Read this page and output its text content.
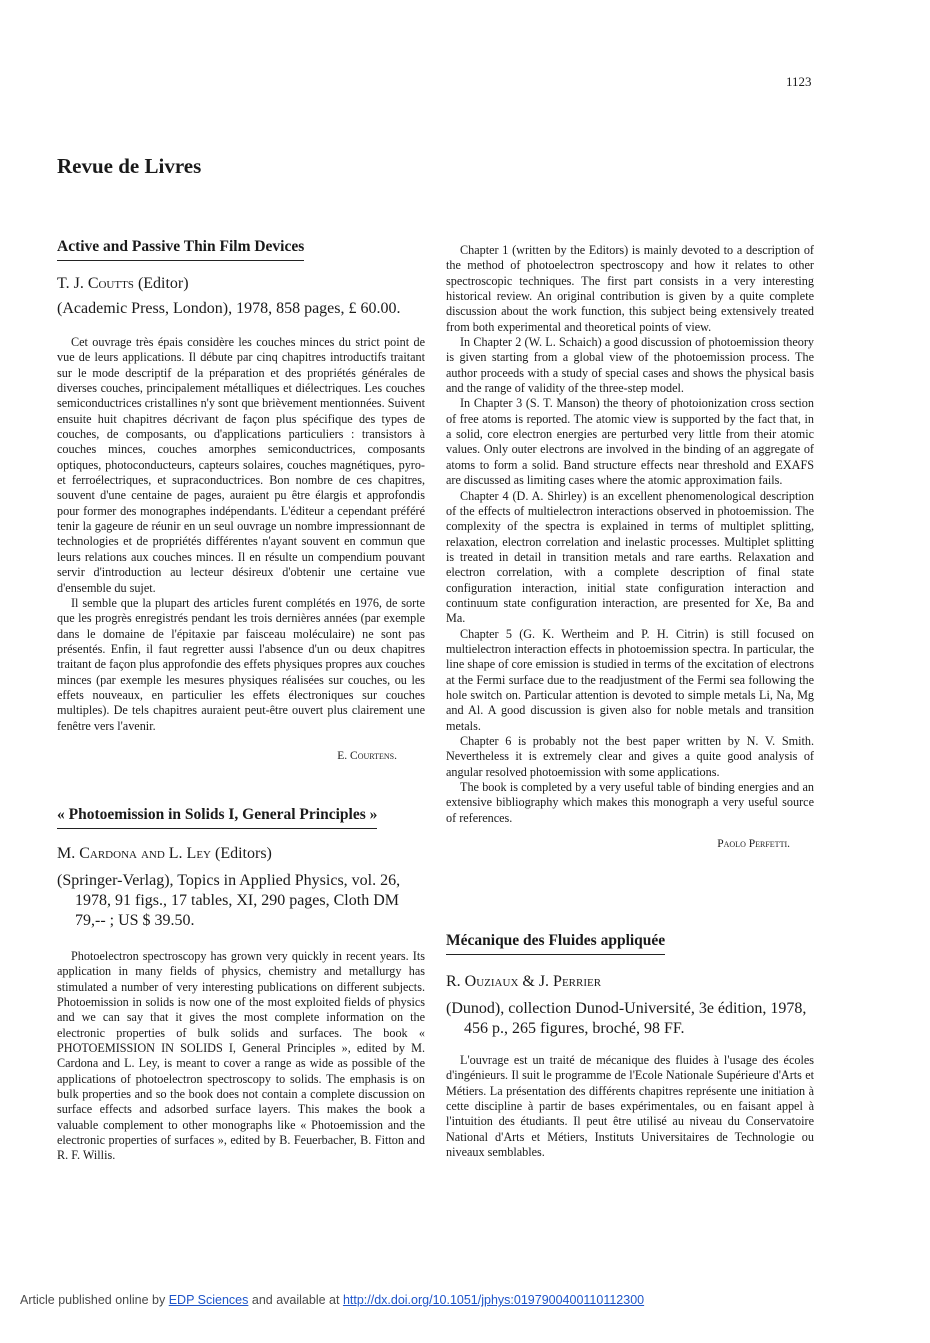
1123
Revue de Livres
Active and Passive Thin Film Devices

T. J. Coutts (Editor)

(Academic Press, London), 1978, 858 pages, £ 60.00.

Cet ouvrage très épais considère les couches minces du strict point de vue de leurs applications. Il débute par cinq chapitres introductifs traitant sur le mode descriptif de la préparation et des propriétés générales de diverses couches, principalement métalliques et diélectriques. Les couches semiconductrices cristallines n'y sont que brièvement mentionnées. Suivent ensuite huit chapitres décrivant de façon plus spécifique des types de couches, de composants, ou d'applications particuliers : transistors à couches minces, couches amorphes semiconductrices, composants optiques, photoconducteurs, capteurs solaires, couches magnétiques, pyro- et ferroélectriques, et supraconductrices. Bon nombre de ces chapitres, souvent d'une centaine de pages, auraient pu être élargis et approfondis pour former des monographes indépendants. L'éditeur a cependant préféré tenir la gageure de réunir en un seul ouvrage un nombre impressionnant de technologies et de propriétés différentes n'ayant souvent en commun que leurs relations aux couches minces. Il en résulte un compendium pouvant servir d'introduction au lecteur désireux d'obtenir une certaine vue d'ensemble du sujet.

Il semble que la plupart des articles furent complétés en 1976, de sorte que les progrès enregistrés pendant les trois dernières années (par exemple dans le domaine de l'épitaxie par faisceau moléculaire) ne sont pas présentés. Enfin, il faut regretter aussi l'absence d'un ou deux chapitres traitant de façon plus approfondie des effets physiques propres aux couches minces (par exemple les mesures physiques réalisées sur couches, ou les effets nouveaux, en particulier les effets électroniques sur couches multiples). De tels chapitres auraient peut-être ouvert plus clairement une fenêtre vers l'avenir.

E. Courtens.

« Photoemission in Solids I, General Principles »

M. Cardona and L. Ley (Editors)

(Springer-Verlag), Topics in Applied Physics, vol. 26, 1978, 91 figs., 17 tables, XI, 290 pages, Cloth DM 79,-- ; US $ 39.50.

Photoelectron spectroscopy has grown very quickly in recent years. Its application in many fields of physics, chemistry and metallurgy has stimulated a number of very interesting publications on different subjects. Photoemission in solids is now one of the most exploited fields of physics and we can say that it gives the most complete information on the electronic properties of bulk solids and surfaces. The book « PHOTOEMISSION IN SOLIDS I, General Principles », edited by M. Cardona and L. Ley, is meant to cover a range as wide as possible of the applications of photoelectron spectroscopy to solids. The emphasis is on bulk properties and so the book does not contain a complete discussion on surface effects and adsorbed surface layers. This makes the book a valuable complement to other monographs like « Photoemission and the electronic properties of surfaces », edited by B. Feuerbacher, B. Fitton and R. F. Willis.

Chapter 1 (written by the Editors) is mainly devoted to a description of the method of photoelectron spectroscopy and how it relates to other spectroscopic techniques. The first part consists in a very interesting historical review. An original contribution is given by a quite complete discussion about the work function, this subject being extensively treated from both experimental and theoretical points of view.

In Chapter 2 (W. L. Schaich) a good discussion of photoemission theory is given starting from a global view of the photoemission process. The author proceeds with a study of special cases and shows the physical basis and the range of validity of the three-step model.

In Chapter 3 (S. T. Manson) the theory of photoionization cross section of free atoms is reported. The atomic view is supported by the fact that, in a solid, core electron energies are perturbed very little from their atomic values. Only outer electrons are involved in the binding of an aggregate of atoms to form a solid. Band structure effects near threshold and EXAFS are discussed as limiting cases where the atomic approximation fails.

Chapter 4 (D. A. Shirley) is an excellent phenomenological description of the effects of multielectron interactions observed in photoemission. The complexity of the spectra is explained in terms of multiplet splitting, relaxation, electron correlation and inelastic processes. Multiplet splitting is treated in detail in transition metals and rare earths. Relaxation and electron correlation, with a complete description of final state configuration interaction, initial state configuration interaction and continuum state configuration interaction, are presented for Xe, Ba and Ma.

Chapter 5 (G. K. Wertheim and P. H. Citrin) is still focused on multielectron interaction effects in photoemission spectra. In particular, the line shape of core emission is studied in terms of the excitation of electrons at the Fermi surface due to the readjustment of the Fermi sea following the hole switch on. Particular attention is devoted to simple metals Li, Na, Mg and Al. A good discussion is given also for noble metals and transition metals.

Chapter 6 is probably not the best paper written by N. V. Smith. Nevertheless it is extremely clear and gives a quite good analysis of angular resolved photoemission with some applications.

The book is completed by a very useful table of binding energies and an extensive bibliography which makes this monograph a very useful source of references.

Paolo Perfetti.

Mécanique des Fluides appliquée

R. Ouziaux & J. Perrier

(Dunod), collection Dunod-Université, 3e édition, 1978, 456 p., 265 figures, broché, 98 FF.

L'ouvrage est un traité de mécanique des fluides à l'usage des écoles d'ingénieurs. Il suit le programme de l'Ecole Nationale Supérieure d'Arts et Métiers. La présentation des différents chapitres représente une initiation à cette discipline à partir de bases expérimentales, ou en faisant appel à l'intuition des étudiants. Il peut être utilisé au niveau du Conservatoire National d'Arts et Métiers, Instituts Universitaires de Technologie ou niveaux semblables.

Article published online by EDP Sciences and available at http://dx.doi.org/10.1051/jphys:0197900400110112300
